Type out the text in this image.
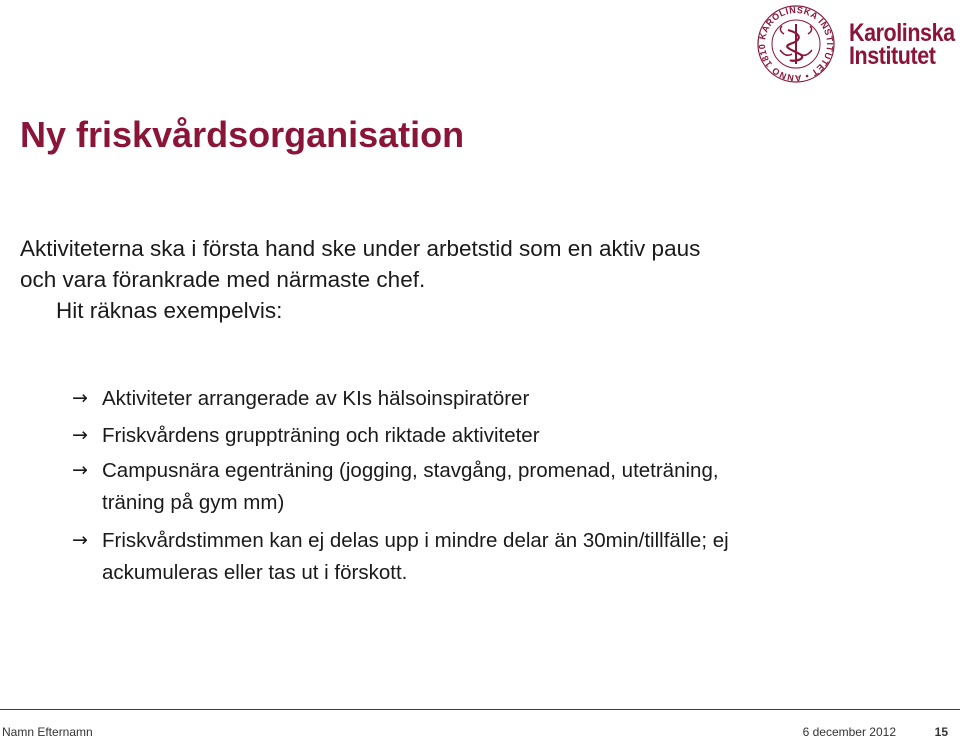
KAROLINSKA INSTITUTET • ANNO 1810	Karolinska
Institutet
Ny friskvårdsorganisation
Aktiviteterna ska i första hand ske under arbetstid som en aktiv paus
och vara förankrade med närmaste chef.
Hit räknas exempelvis:
→ Aktiviteter arrangerade av KIs hälsoinspiratörer
→ Friskvårdens gruppträning och riktade aktiviteter
→ Campusnära egenträning (jogging, stavgång, promenad, uteträning,
träning på gym mm)
→ Friskvårdstimmen kan ej delas upp i mindre delar än 30min/tillfälle; ej
ackumuleras eller tas ut i förskott.
Namn Efternamn	6 december 2012	15
